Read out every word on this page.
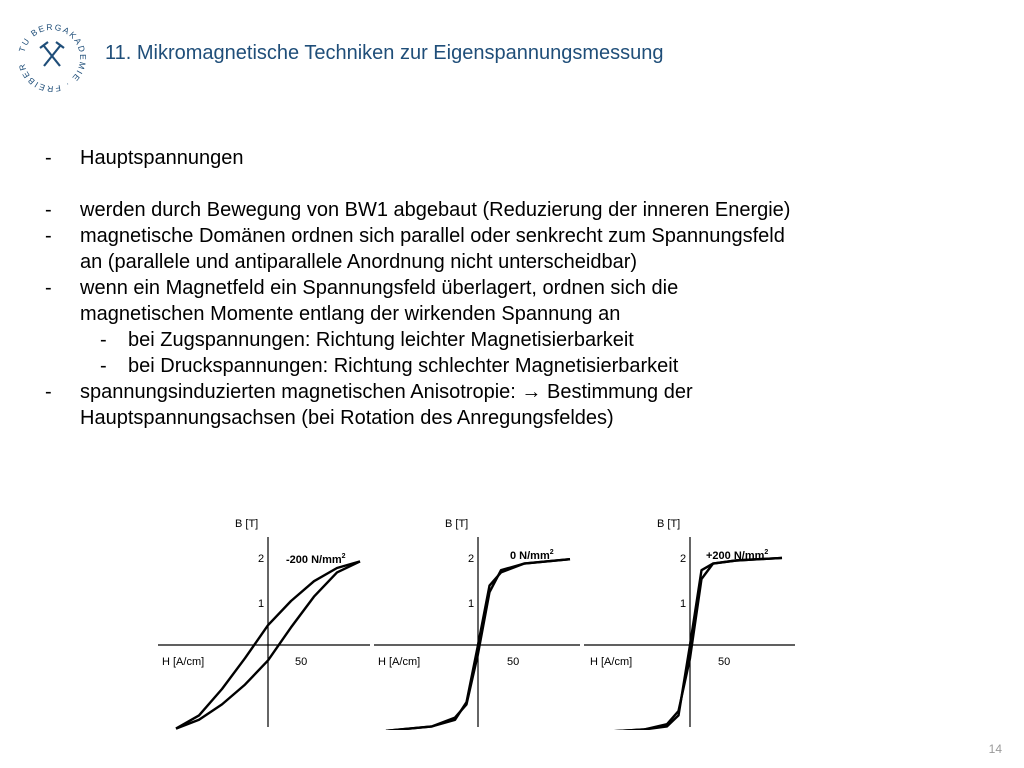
TU BERGAKADEMIE · FREIBER
11. Mikromagnetische Techniken zur Eigenspannungsmessung
- Hauptspannungen
- werden durch Bewegung von BW1 abgebaut (Reduzierung der inneren Energie)
- magnetische Domänen ordnen sich parallel oder senkrecht zum Spannungsfeld
an (parallele und antiparallele Anordnung nicht unterscheidbar)
- wenn ein Magnetfeld ein Spannungsfeld überlagert, ordnen sich die
magnetischen Momente entlang der wirkenden Spannung an
- bei Zugspannungen: Richtung leichter Magnetisierbarkeit
- bei Druckspannungen: Richtung schlechter Magnetisierbarkeit
- spannungsinduzierten magnetischen Anisotropie: → Bestimmung der
Hauptspannungsachsen (bei Rotation des Anregungsfeldes)
B [T]
2
1
H [A/cm]	50
-200 $N/mm^2$
B [T]
2
1
H [A/cm]	50
0 $N/mm^2$
B [T]
2
1
H [A/cm]	50
+200 $N/mm^2$
14
